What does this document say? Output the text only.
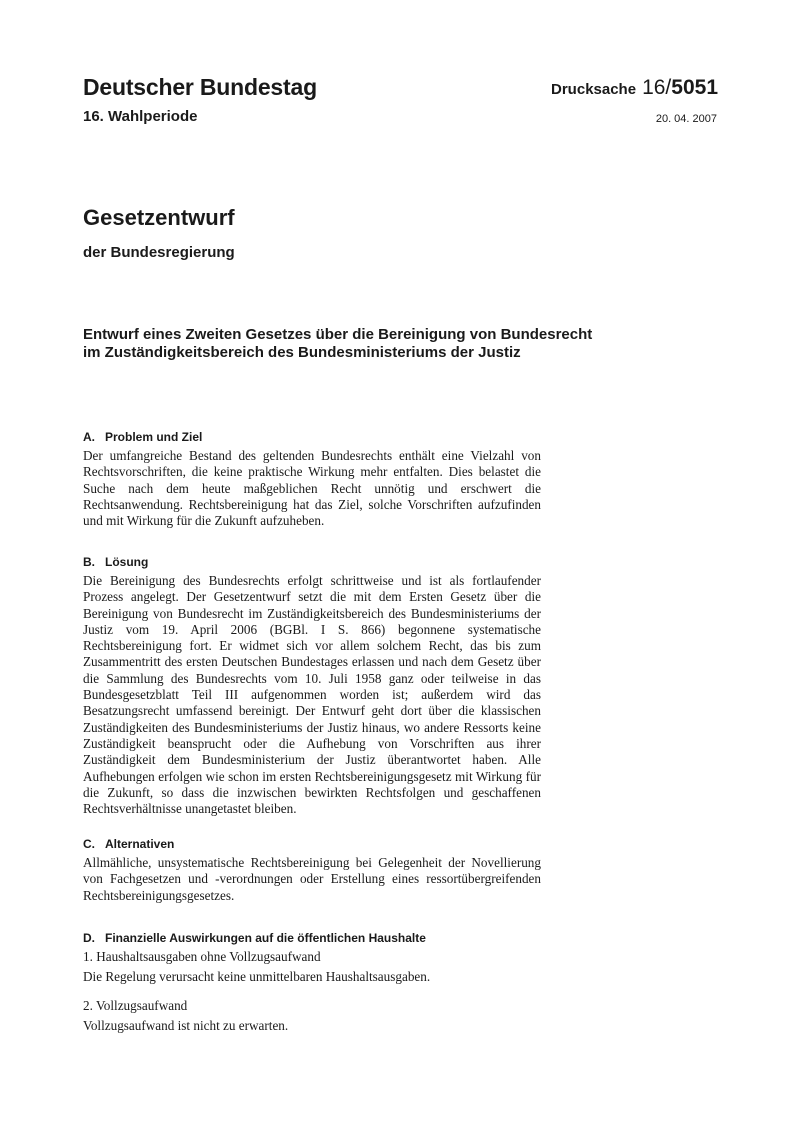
Deutscher Bundestag
16. Wahlperiode
Drucksache 16/5051
20. 04. 2007
Gesetzentwurf
der Bundesregierung
Entwurf eines Zweiten Gesetzes über die Bereinigung von Bundesrecht
im Zuständigkeitsbereich des Bundesministeriums der Justiz
A. Problem und Ziel

Der umfangreiche Bestand des geltenden Bundesrechts enthält eine Vielzahl von Rechtsvorschriften, die keine praktische Wirkung mehr entfalten. Dies belastet die Suche nach dem heute maßgeblichen Recht unnötig und erschwert die Rechtsanwendung. Rechtsbereinigung hat das Ziel, solche Vorschriften aufzufinden und mit Wirkung für die Zukunft aufzuheben.

B. Lösung

Die Bereinigung des Bundesrechts erfolgt schrittweise und ist als fortlaufender Prozess angelegt. Der Gesetzentwurf setzt die mit dem Ersten Gesetz über die Bereinigung von Bundesrecht im Zuständigkeitsbereich des Bundesministeriums der Justiz vom 19. April 2006 (BGBl. I S. 866) begonnene systematische Rechtsbereinigung fort. Er widmet sich vor allem solchem Recht, das bis zum Zusammentritt des ersten Deutschen Bundestages erlassen und nach dem Gesetz über die Sammlung des Bundesrechts vom 10. Juli 1958 ganz oder teilweise in das Bundesgesetzblatt Teil III aufgenommen worden ist; außerdem wird das Besatzungsrecht umfassend bereinigt. Der Entwurf geht dort über die klassischen Zuständigkeiten des Bundesministeriums der Justiz hinaus, wo andere Ressorts keine Zuständigkeit beansprucht oder die Aufhebung von Vorschriften aus ihrer Zuständigkeit dem Bundesministerium der Justiz überantwortet haben. Alle Aufhebungen erfolgen wie schon im ersten Rechtsbereinigungsgesetz mit Wirkung für die Zukunft, so dass die inzwischen bewirkten Rechtsfolgen und geschaffenen Rechtsverhältnisse unangetastet bleiben.

C. Alternativen

Allmähliche, unsystematische Rechtsbereinigung bei Gelegenheit der Novellierung von Fachgesetzen und -verordnungen oder Erstellung eines ressortübergreifenden Rechtsbereinigungsgesetzes.

D. Finanzielle Auswirkungen auf die öffentlichen Haushalte

1. Haushaltsausgaben ohne Vollzugsaufwand

Die Regelung verursacht keine unmittelbaren Haushaltsausgaben.

2. Vollzugsaufwand

Vollzugsaufwand ist nicht zu erwarten.
